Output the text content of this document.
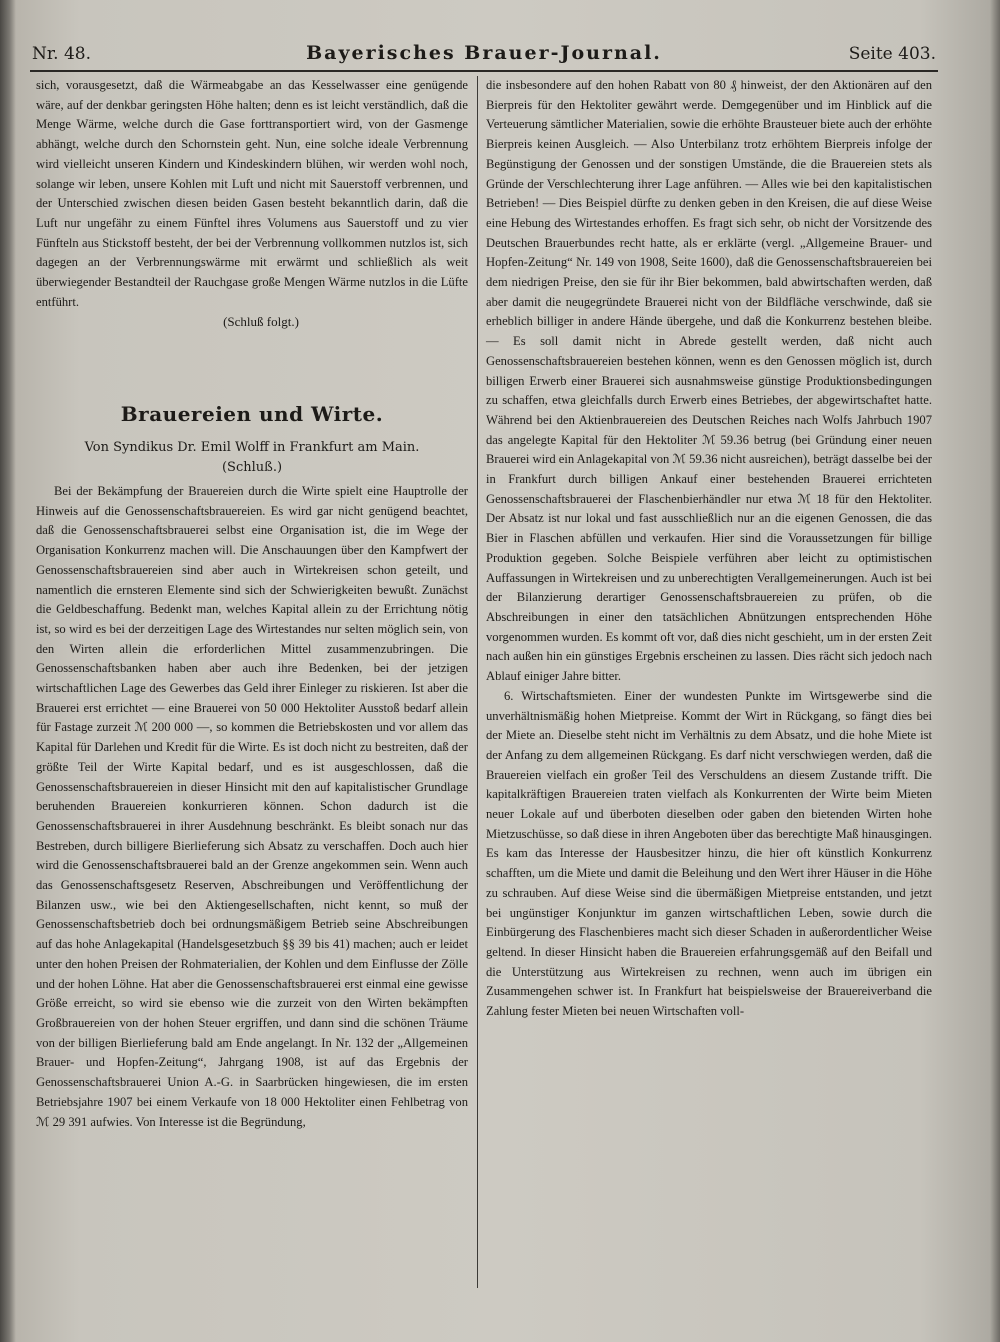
Nr. 48.	Bayerisches Brauer-Journal.	Seite 403.

sich, vorausgesetzt, daß die Wärmeabgabe an das Kesselwasser eine genügende wäre, auf der denkbar geringsten Höhe halten; denn es ist leicht verständlich, daß die Menge Wärme, welche durch die Gase forttransportiert wird, von der Gasmenge abhängt, welche durch den Schornstein geht. Nun, eine solche ideale Verbrennung wird vielleicht unseren Kindern und Kindeskindern blühen, wir werden wohl noch, solange wir leben, unsere Kohlen mit Luft und nicht mit Sauerstoff verbrennen, und der Unterschied zwischen diesen beiden Gasen besteht bekanntlich darin, daß die Luft nur ungefähr zu einem Fünftel ihres Volumens aus Sauerstoff und zu vier Fünfteln aus Stickstoff besteht, der bei der Verbrennung vollkommen nutzlos ist, sich dagegen an der Verbrennungswärme mit erwärmt und schließlich als weit überwiegender Bestandteil der Rauchgase große Mengen Wärme nutzlos in die Lüfte entführt.

(Schluß folgt.)

Brauereien und Wirte.
Von Syndikus Dr. Emil Wolff in Frankfurt am Main.
(Schluß.)

Bei der Bekämpfung der Brauereien durch die Wirte spielt eine Hauptrolle der Hinweis auf die Genossenschaftsbrauereien. Es wird gar nicht genügend beachtet, daß die Genossenschaftsbrauerei selbst eine Organisation ist, die im Wege der Organisation Konkurrenz machen will. Die Anschauungen über den Kampfwert der Genossenschaftsbrauereien sind aber auch in Wirtekreisen schon geteilt, und namentlich die ernsteren Elemente sind sich der Schwierigkeiten bewußt. Zunächst die Geldbeschaffung. Bedenkt man, welches Kapital allein zu der Errichtung nötig ist, so wird es bei der derzeitigen Lage des Wirtestandes nur selten möglich sein, von den Wirten allein die erforderlichen Mittel zusammenzubringen. Die Genossenschaftsbanken haben aber auch ihre Bedenken, bei der jetzigen wirtschaftlichen Lage des Gewerbes das Geld ihrer Einleger zu riskieren. Ist aber die Brauerei erst errichtet — eine Brauerei von 50 000 Hektoliter Ausstoß bedarf allein für Fastage zurzeit ℳ 200 000 —, so kommen die Betriebskosten und vor allem das Kapital für Darlehen und Kredit für die Wirte. Es ist doch nicht zu bestreiten, daß der größte Teil der Wirte Kapital bedarf, und es ist ausgeschlossen, daß die Genossenschaftsbrauereien in dieser Hinsicht mit den auf kapitalistischer Grundlage beruhenden Brauereien konkurrieren können. Schon dadurch ist die Genossenschaftsbrauerei in ihrer Ausdehnung beschränkt. Es bleibt sonach nur das Bestreben, durch billigere Bierlieferung sich Absatz zu verschaffen. Doch auch hier wird die Genossenschaftsbrauerei bald an der Grenze angekommen sein. Wenn auch das Genossenschaftsgesetz Reserven, Abschreibungen und Veröffentlichung der Bilanzen usw., wie bei den Aktiengesellschaften, nicht kennt, so muß der Genossenschaftsbetrieb doch bei ordnungsmäßigem Betrieb seine Abschreibungen auf das hohe Anlagekapital (Handelsgesetzbuch §§ 39 bis 41) machen; auch er leidet unter den hohen Preisen der Rohmaterialien, der Kohlen und dem Einflusse der Zölle und der hohen Löhne. Hat aber die Genossenschaftsbrauerei erst einmal eine gewisse Größe erreicht, so wird sie ebenso wie die zurzeit von den Wirten bekämpften Großbrauereien von der hohen Steuer ergriffen, und dann sind die schönen Träume von der billigen Bierlieferung bald am Ende angelangt. In Nr. 132 der „Allgemeinen Brauer- und Hopfen-Zeitung“, Jahrgang 1908, ist auf das Ergebnis der Genossenschaftsbrauerei Union A.-G. in Saarbrücken hingewiesen, die im ersten Betriebsjahre 1907 bei einem Verkaufe von 18 000 Hektoliter einen Fehlbetrag von ℳ 29 391 aufwies. Von Interesse ist die Begründung,

die insbesondere auf den hohen Rabatt von 80 ₰ hinweist, der den Aktionären auf den Bierpreis für den Hektoliter gewährt werde. Demgegenüber und im Hinblick auf die Verteuerung sämtlicher Materialien, sowie die erhöhte Brausteuer biete auch der erhöhte Bierpreis keinen Ausgleich. — Also Unterbilanz trotz erhöhtem Bierpreis infolge der Begünstigung der Genossen und der sonstigen Umstände, die die Brauereien stets als Gründe der Verschlechterung ihrer Lage anführen. — Alles wie bei den kapitalistischen Betrieben! — Dies Beispiel dürfte zu denken geben in den Kreisen, die auf diese Weise eine Hebung des Wirtestandes erhoffen. Es fragt sich sehr, ob nicht der Vorsitzende des Deutschen Brauerbundes recht hatte, als er erklärte (vergl. „Allgemeine Brauer- und Hopfen-Zeitung“ Nr. 149 von 1908, Seite 1600), daß die Genossenschaftsbrauereien bei dem niedrigen Preise, den sie für ihr Bier bekommen, bald abwirtschaften werden, daß aber damit die neugegründete Brauerei nicht von der Bildfläche verschwinde, daß sie erheblich billiger in andere Hände übergehe, und daß die Konkurrenz bestehen bleibe. — Es soll damit nicht in Abrede gestellt werden, daß nicht auch Genossenschaftsbrauereien bestehen können, wenn es den Genossen möglich ist, durch billigen Erwerb einer Brauerei sich ausnahmsweise günstige Produktionsbedingungen zu schaffen, etwa gleichfalls durch Erwerb eines Betriebes, der abgewirtschaftet hatte. Während bei den Aktienbrauereien des Deutschen Reiches nach Wolfs Jahrbuch 1907 das angelegte Kapital für den Hektoliter ℳ 59.36 betrug (bei Gründung einer neuen Brauerei wird ein Anlagekapital von ℳ 59.36 nicht ausreichen), beträgt dasselbe bei der in Frankfurt durch billigen Ankauf einer bestehenden Brauerei errichteten Genossenschaftsbrauerei der Flaschenbierhändler nur etwa ℳ 18 für den Hektoliter. Der Absatz ist nur lokal und fast ausschließlich nur an die eigenen Genossen, die das Bier in Flaschen abfüllen und verkaufen. Hier sind die Voraussetzungen für billige Produktion gegeben. Solche Beispiele verführen aber leicht zu optimistischen Auffassungen in Wirtekreisen und zu unberechtigten Verallgemeinerungen. Auch ist bei der Bilanzierung derartiger Genossenschaftsbrauereien zu prüfen, ob die Abschreibungen in einer den tatsächlichen Abnützungen entsprechenden Höhe vorgenommen wurden. Es kommt oft vor, daß dies nicht geschieht, um in der ersten Zeit nach außen hin ein günstiges Ergebnis erscheinen zu lassen. Dies rächt sich jedoch nach Ablauf einiger Jahre bitter.

6. Wirtschaftsmieten. Einer der wundesten Punkte im Wirtsgewerbe sind die unverhältnismäßig hohen Mietpreise. Kommt der Wirt in Rückgang, so fängt dies bei der Miete an. Dieselbe steht nicht im Verhältnis zu dem Absatz, und die hohe Miete ist der Anfang zu dem allgemeinen Rückgang. Es darf nicht verschwiegen werden, daß die Brauereien vielfach ein großer Teil des Verschuldens an diesem Zustande trifft. Die kapitalkräftigen Brauereien traten vielfach als Konkurrenten der Wirte beim Mieten neuer Lokale auf und überboten dieselben oder gaben den bietenden Wirten hohe Mietzuschüsse, so daß diese in ihren Angeboten über das berechtigte Maß hinausgingen. Es kam das Interesse der Hausbesitzer hinzu, die hier oft künstlich Konkurrenz schafften, um die Miete und damit die Beleihung und den Wert ihrer Häuser in die Höhe zu schrauben. Auf diese Weise sind die übermäßigen Mietpreise entstanden, und jetzt bei ungünstiger Konjunktur im ganzen wirtschaftlichen Leben, sowie durch die Einbürgerung des Flaschenbieres macht sich dieser Schaden in außerordentlicher Weise geltend. In dieser Hinsicht haben die Brauereien erfahrungsgemäß auf den Beifall und die Unterstützung aus Wirtekreisen zu rechnen, wenn auch im übrigen ein Zusammengehen schwer ist. In Frankfurt hat beispielsweise der Brauereiverband die Zahlung fester Mieten bei neuen Wirtschaften voll-
